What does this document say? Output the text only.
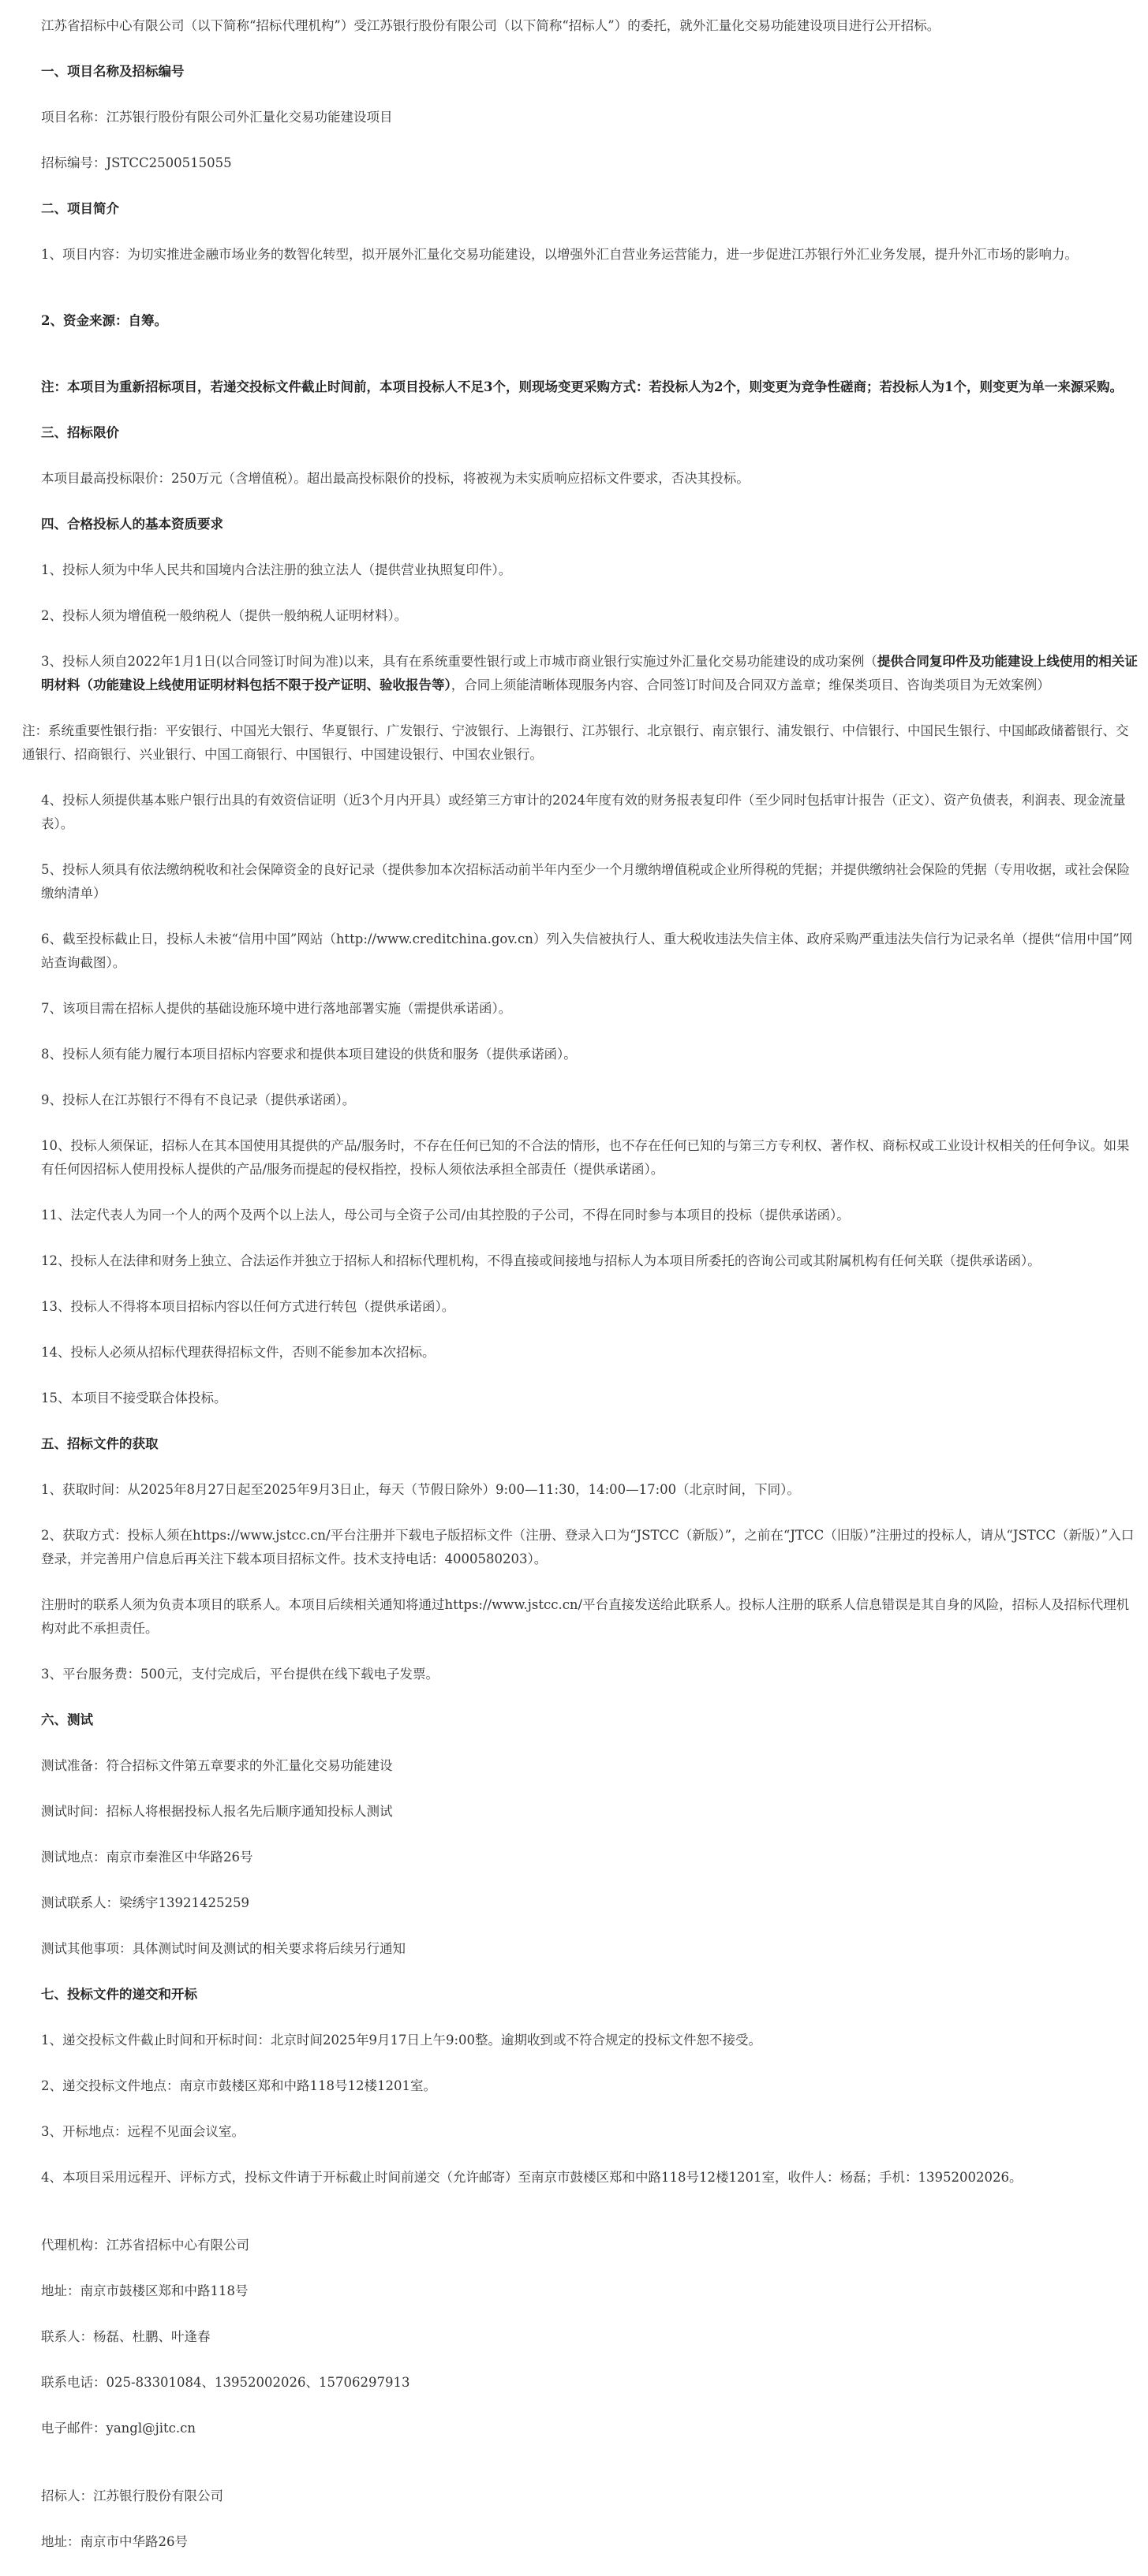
江苏省招标中心有限公司（以下简称“招标代理机构”）受江苏银行股份有限公司（以下简称“招标人”）的委托，就外汇量化交易功能建设项目进行公开招标。

一、项目名称及招标编号

项目名称：江苏银行股份有限公司外汇量化交易功能建设项目

招标编号：JSTCC2500515055

二、项目简介

1、项目内容：为切实推进金融市场业务的数智化转型，拟开展外汇量化交易功能建设，以增强外汇自营业务运营能力，进一步促进江苏银行外汇业务发展，提升外汇市场的影响力。

2、资金来源：自筹。

注：本项目为重新招标项目，若递交投标文件截止时间前，本项目投标人不足3个，则现场变更采购方式：若投标人为2个，则变更为竞争性磋商；若投标人为1个，则变更为单一来源采购。

三、招标限价

本项目最高投标限价：250万元（含增值税）。超出最高投标限价的投标，将被视为未实质响应招标文件要求，否决其投标。

四、合格投标人的基本资质要求

1、投标人须为中华人民共和国境内合法注册的独立法人（提供营业执照复印件）。

2、投标人须为增值税一般纳税人（提供一般纳税人证明材料）。

3、投标人须自2022年1月1日(以合同签订时间为准)以来，具有在系统重要性银行或上市城市商业银行实施过外汇量化交易功能建设的成功案例（提供合同复印件及功能建设上线使用的相关证明材料（功能建设上线使用证明材料包括不限于投产证明、验收报告等），合同上须能清晰体现服务内容、合同签订时间及合同双方盖章；维保类项目、咨询类项目为无效案例）

注：系统重要性银行指：平安银行、中国光大银行、华夏银行、广发银行、宁波银行、上海银行、江苏银行、北京银行、南京银行、浦发银行、中信银行、中国民生银行、中国邮政储蓄银行、交通银行、招商银行、兴业银行、中国工商银行、中国银行、中国建设银行、中国农业银行。

4、投标人须提供基本账户银行出具的有效资信证明（近3个月内开具）或经第三方审计的2024年度有效的财务报表复印件（至少同时包括审计报告（正文）、资产负债表，利润表、现金流量表）。

5、投标人须具有依法缴纳税收和社会保障资金的良好记录（提供参加本次招标活动前半年内至少一个月缴纳增值税或企业所得税的凭据；并提供缴纳社会保险的凭据（专用收据，或社会保险缴纳清单）

6、截至投标截止日，投标人未被“信用中国”网站（http://www.creditchina.gov.cn）列入失信被执行人、重大税收违法失信主体、政府采购严重违法失信行为记录名单（提供“信用中国”网站查询截图）。

7、该项目需在招标人提供的基础设施环境中进行落地部署实施（需提供承诺函）。

8、投标人须有能力履行本项目招标内容要求和提供本项目建设的供货和服务（提供承诺函）。

9、投标人在江苏银行不得有不良记录（提供承诺函）。

10、投标人须保证，招标人在其本国使用其提供的产品/服务时，不存在任何已知的不合法的情形，也不存在任何已知的与第三方专利权、著作权、商标权或工业设计权相关的任何争议。如果有任何因招标人使用投标人提供的产品/服务而提起的侵权指控，投标人须依法承担全部责任（提供承诺函）。

11、法定代表人为同一个人的两个及两个以上法人，母公司与全资子公司/由其控股的子公司，不得在同时参与本项目的投标（提供承诺函）。

12、投标人在法律和财务上独立、合法运作并独立于招标人和招标代理机构，不得直接或间接地与招标人为本项目所委托的咨询公司或其附属机构有任何关联（提供承诺函）。

13、投标人不得将本项目招标内容以任何方式进行转包（提供承诺函）。

14、投标人必须从招标代理获得招标文件，否则不能参加本次招标。

15、本项目不接受联合体投标。

五、招标文件的获取

1、获取时间：从2025年8月27日起至2025年9月3日止，每天（节假日除外）9:00—11:30，14:00—17:00（北京时间，下同）。

2、获取方式：投标人须在https://www.jstcc.cn/平台注册并下载电子版招标文件（注册、登录入口为“JSTCC（新版）”，之前在“JTCC（旧版）”注册过的投标人，请从“JSTCC（新版）”入口登录，并完善用户信息后再关注下载本项目招标文件。技术支持电话：4000580203）。

注册时的联系人须为负责本项目的联系人。本项目后续相关通知将通过https://www.jstcc.cn/平台直接发送给此联系人。投标人注册的联系人信息错误是其自身的风险，招标人及招标代理机构对此不承担责任。

3、平台服务费：500元，支付完成后，平台提供在线下载电子发票。

六、测试

测试准备：符合招标文件第五章要求的外汇量化交易功能建设

测试时间：招标人将根据投标人报名先后顺序通知投标人测试

测试地点：南京市秦淮区中华路26号

测试联系人：梁绣宇13921425259

测试其他事项：具体测试时间及测试的相关要求将后续另行通知

七、投标文件的递交和开标

1、递交投标文件截止时间和开标时间：北京时间2025年9月17日上午9:00整。逾期收到或不符合规定的投标文件恕不接受。

2、递交投标文件地点：南京市鼓楼区郑和中路118号12楼1201室。

3、开标地点：远程不见面会议室。

4、本项目采用远程开、评标方式，投标文件请于开标截止时间前递交（允许邮寄）至南京市鼓楼区郑和中路118号12楼1201室，收件人：杨磊；手机：13952002026。

代理机构：江苏省招标中心有限公司

地址：南京市鼓楼区郑和中路118号

联系人：杨磊、杜鹏、叶逢春

联系电话：025-83301084、13952002026、15706297913

电子邮件：yangl@jitc.cn

招标人：江苏银行股份有限公司

地址：南京市中华路26号
